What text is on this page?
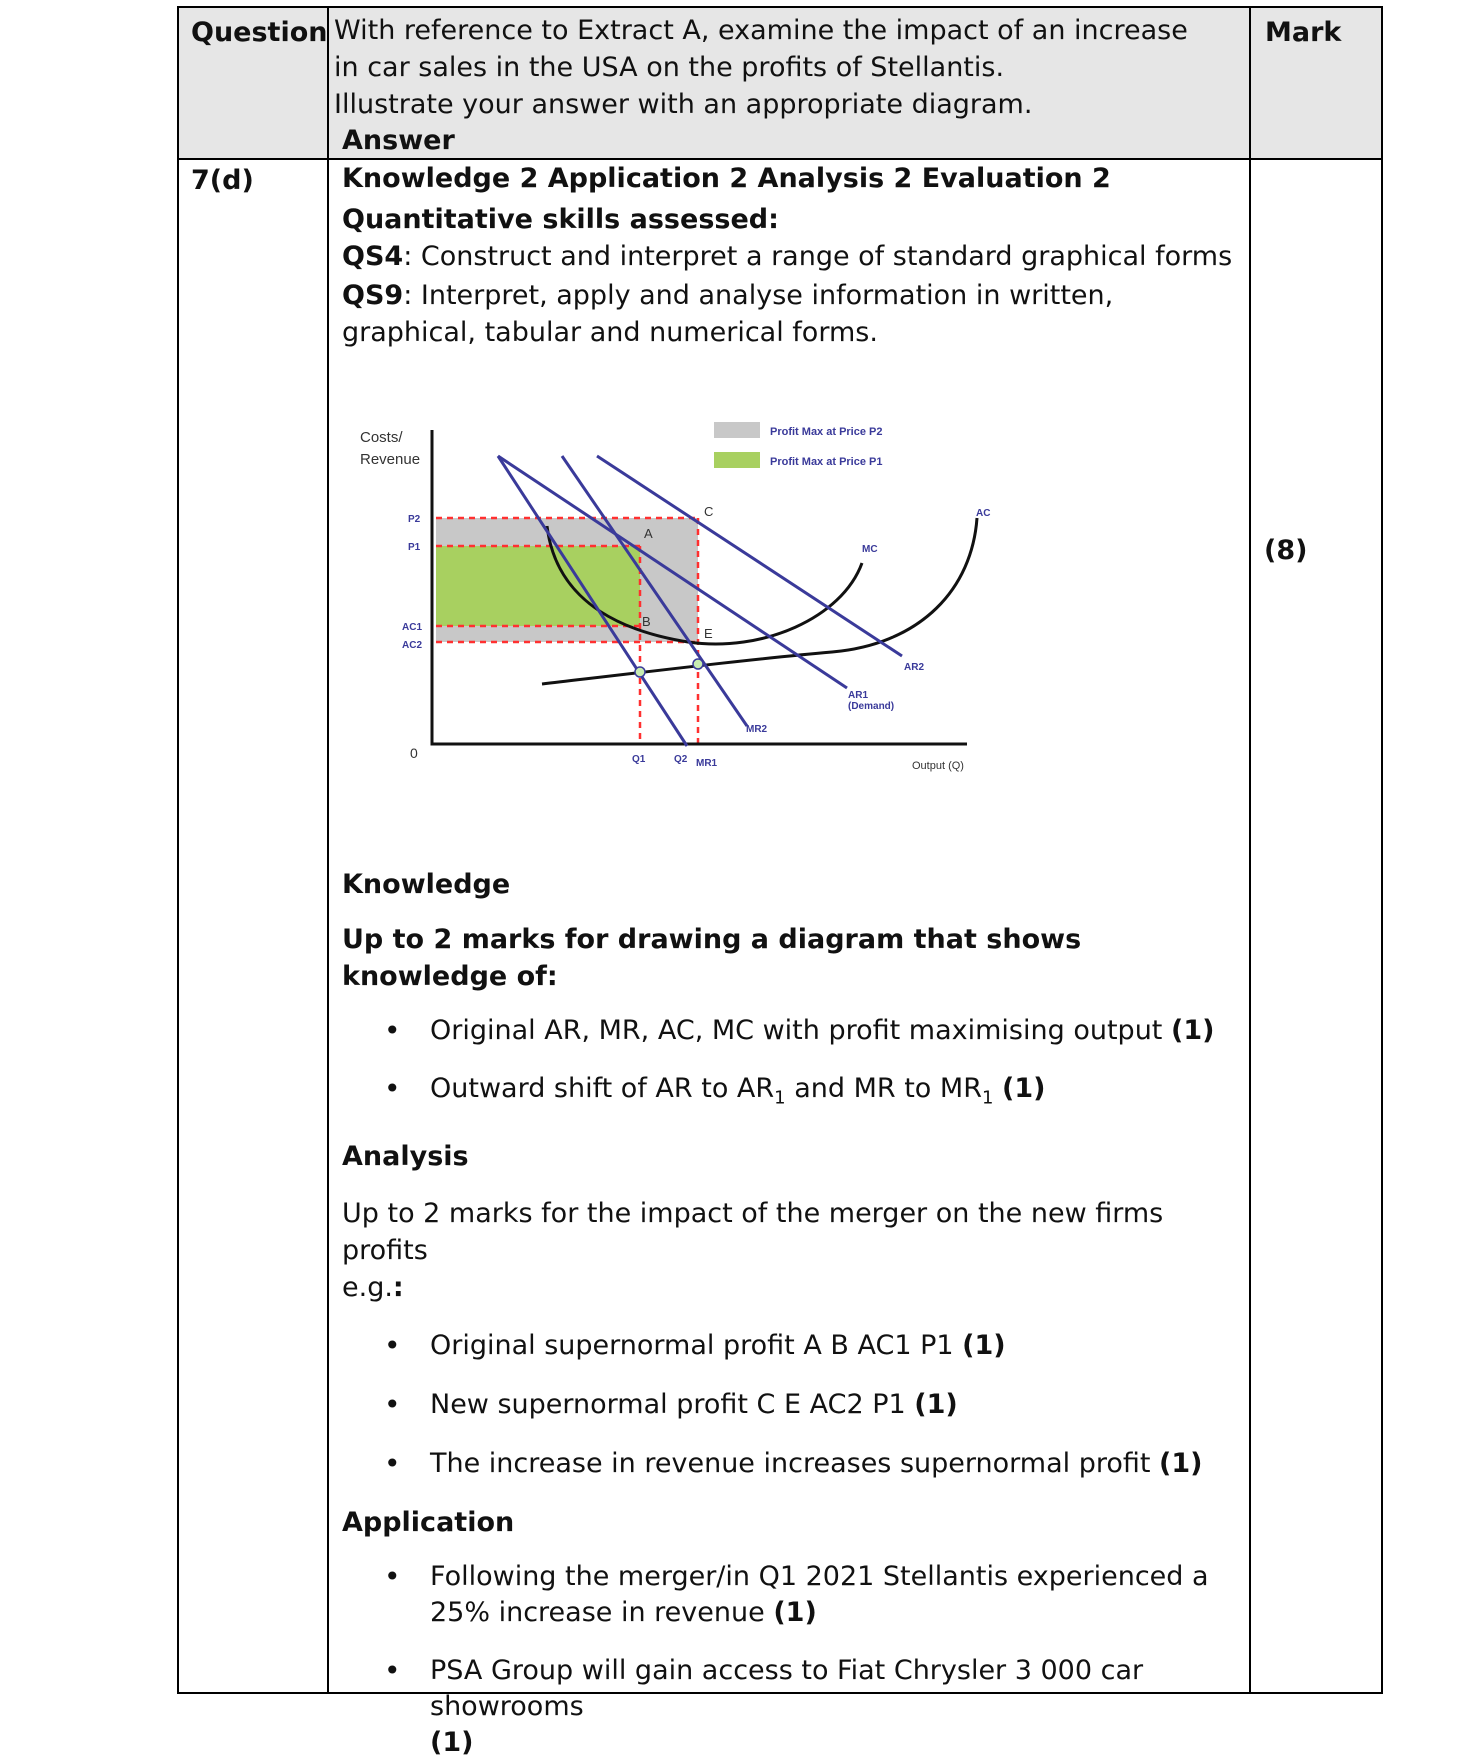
Question With reference to Extract A, examine the impact of an increase in car sales in the USA on the profits of Stellantis.
Illustrate your answer with an appropriate diagram.
Answer
Mark
7(d)
(8)

Knowledge 2 Application 2 Analysis 2 Evaluation 2

Quantitative skills assessed:

QS4: Construct and interpret a range of standard graphical forms

QS9: Interpret, apply and analyse information in written, graphical, tabular and numerical forms.

Profit Max at Price P2
Profit Max at Price P1
Costs/
Revenue
0
Output (Q)
P2
P1
AC1
AC2
Q1	Q2
MC
AC
AR2
AR1
(Demand)
MR2
MR1
A
B
C
E

Knowledge

Up to 2 marks for drawing a diagram that shows knowledge of:

• Original AR, MR, AC, MC with profit maximising output (1)
• Outward shift of AR to $AR_1$ and MR to $MR_1$ (1)

Analysis

Up to 2 marks for the impact of the merger on the new firms profits
e.g.:

• Original supernormal profit A B AC1 P1 (1)
• New supernormal profit C E AC2 P1 (1)
• The increase in revenue increases supernormal profit (1)

Application

• Following the merger/in Q1 2021 Stellantis experienced a 25% increase in revenue (1)
• PSA Group will gain access to Fiat Chrysler 3 000 car showrooms
(1)
